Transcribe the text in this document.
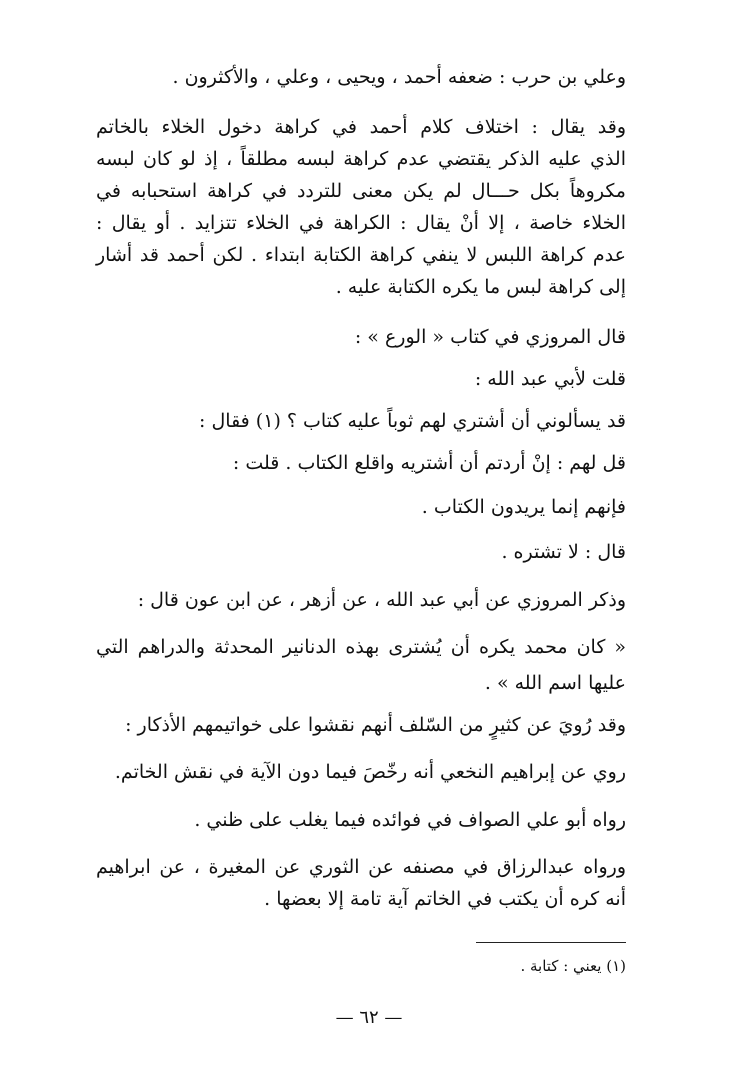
وعلي بن حرب : ضعفه أحمد ، ويحيى ، وعلي ، والأكثرون .
وقد يقال : اختلاف كلام أحمد في كراهة دخول الخلاء بالخاتم
الذي عليه الذكر يقتضي عدم كراهة لبسه مطلقاً ، إذ لو كان لبسه
مكروهاً بكل حـــال لم يكن معنى للتردد في كراهة استحبابه في
الخلاء خاصة ، إلا أنْ يقال : الكراهة في الخلاء تتزايد . أو يقال :
عدم كراهة اللبس لا ينفي كراهة الكتابة ابتداء . لكن أحمد قد أشار
إلى كراهة لبس ما يكره الكتابة عليه .
قال المروزي في كتاب « الورع » :
قلت لأبي عبد الله :
قد يسألوني أن أشتري لهم ثوباً عليه كتاب ؟ (١) فقال :
قل لهم : إنْ أردتم أن أشتريه واقلع الكتاب . قلت :
فإنهم إنما يريدون الكتاب .
قال : لا تشتره .
وذكر المروزي عن أبي عبد الله ، عن أزهر ، عن ابن عون قال :
« كان محمد يكره أن يُشترى بهذه الدنانير المحدثة والدراهم التي
عليها اسم الله » .
وقد رُويَ عن كثيرٍ من السّلف أنهم نقشوا على خواتيمهم الأذكار :
روي عن إبراهيم النخعي أنه رخّصَ فيما دون الآية في نقش الخاتم.
رواه أبو علي الصواف في فوائده فيما يغلب على ظني .
ورواه عبدالرزاق في مصنفه عن الثوري عن المغيرة ، عن ابراهيم
أنه كره أن يكتب في الخاتم آية تامة إلا بعضها .
(١) يعني : كتابة .
— ٦٢ —
